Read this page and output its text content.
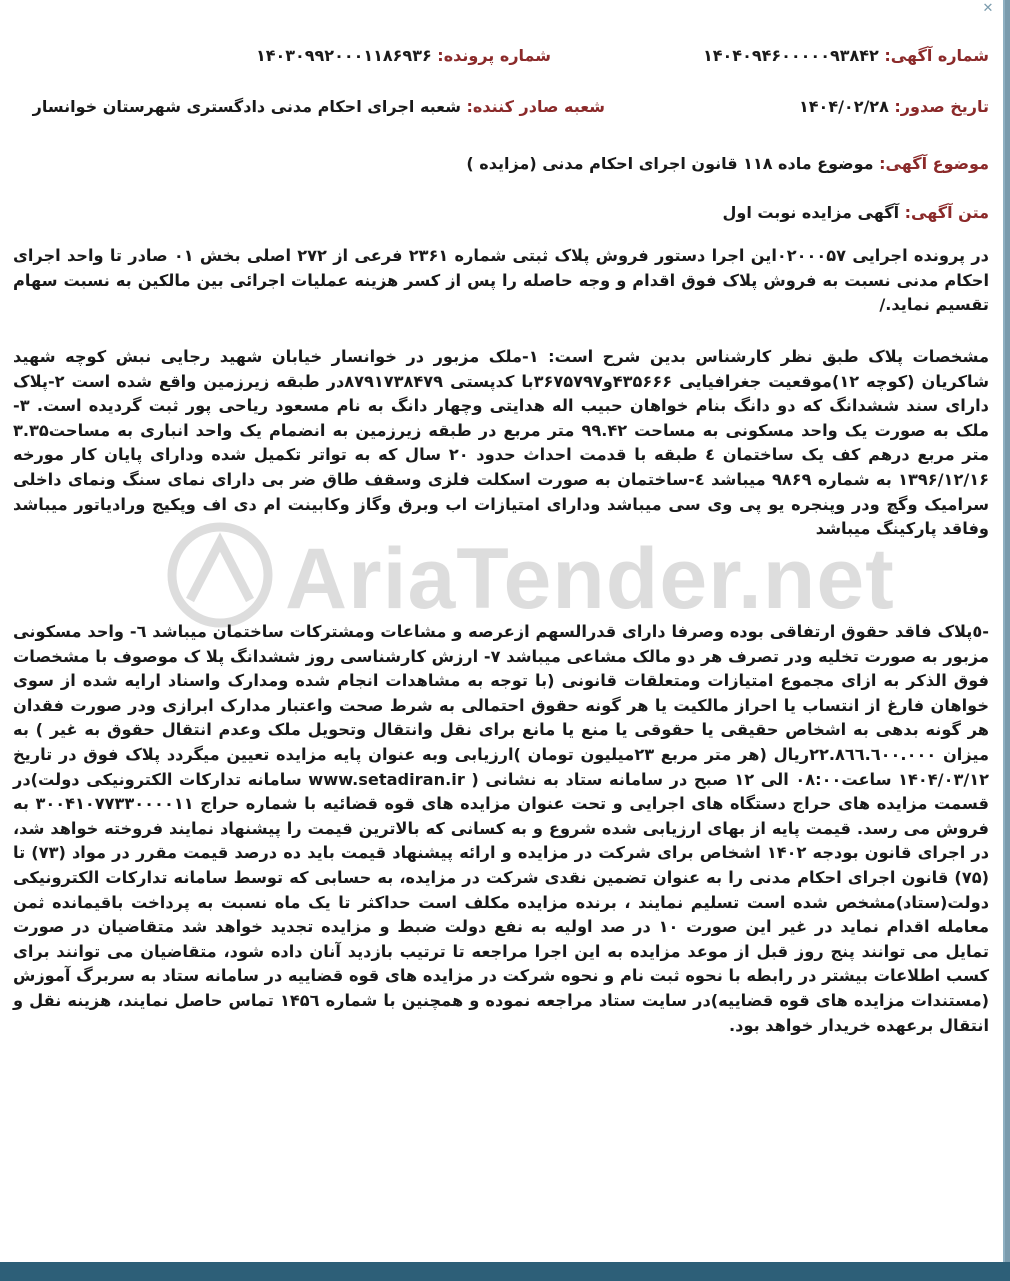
AriaTender.net
شماره آگهی: ۱۴۰۴۰۹۴۶۰۰۰۰۰۹۳۸۴۲
شماره پرونده: ۱۴۰۳۰۹۹۲۰۰۰۱۱۸۶۹۳۶
تاریخ صدور: ۱۴۰۴/۰۲/۲۸
شعبه صادر کننده: شعبه اجرای احکام مدنی دادگستری شهرستان خوانسار
موضوع آگهی: موضوع ماده ۱۱۸ قانون اجرای احکام مدنی (مزایده )
متن آگهی: آگهی مزایده نوبت اول

در پرونده اجرایی ۰۲۰۰۰۵۷این اجرا دستور فروش پلاک ثبتی شماره ۲۳۶۱ فرعی از ۲۷۲ اصلی بخش ۰۱ صادر تا واحد اجرای احکام مدنی نسبت به فروش پلاک فوق اقدام و وجه حاصله را پس از کسر هزینه عملیات اجرائی بین مالکین به نسبت سهام تقسیم نماید./

مشخصات پلاک طبق نظر کارشناس بدین شرح است: ۱-ملک مزبور در خوانسار خیابان شهید رجایی نبش کوچه شهید شاکریان (کوچه ۱۲)موقعیت جغرافیایی ۴۳۵۶۶۶و۳۶۷۵۷۹۷با کدپستی ۸۷۹۱۷۳۸۴۷۹در طبقه زیرزمین واقع شده است ۲-پلاک دارای سند ششدانگ که دو دانگ بنام خواهان حبیب اله هدایتی وچهار دانگ به نام مسعود ریاحی پور ثبت گردیده است. ۳-ملک به صورت یک واحد مسکونی به مساحت ۹۹.۴۲ متر مربع در طبقه زیرزمین به انضمام یک واحد انباری به مساحت۳.۳۵ متر مربع درهم کف یک ساختمان ٤ طبقه با قدمت احداث حدود ۲۰ سال که به تواتر تکمیل شده ودارای پایان کار مورخه ۱۳۹۶/۱۲/۱۶ به شماره ۹۸۶۹ میباشد ٤-ساختمان به صورت اسکلت فلزی وسقف طاق ضر بی دارای نمای سنگ ونمای داخلی سرامیک وگچ ودر وپنجره یو پی وی سی میباشد ودارای امتیازات اب وبرق وگاز وکابینت ام دی اف وپکیج ورادیاتور میباشد وفاقد پارکینگ میباشد

-٥پلاک فاقد حقوق ارتفاقی بوده وصرفا دارای قدرالسهم ازعرصه و مشاعات ومشترکات ساختمان میباشد ٦- واحد مسکونی مزبور به صورت تخلیه ودر تصرف هر دو مالک مشاعی میباشد ۷- ارزش کارشناسی روز ششدانگ پلا ک موصوف با مشخصات فوق الذکر به ازای مجموع امتیازات ومتعلقات قانونی (با توجه به مشاهدات انجام شده ومدارک واسناد ارایه شده از سوی خواهان فارغ از انتساب یا احراز مالکیت یا هر گونه حقوق احتمالی به شرط صحت واعتبار مدارک ابرازی ودر صورت فقدان هر گونه بدهی به اشخاص حقیقی یا حقوقی یا منع یا مانع برای نقل وانتقال وتحویل ملک وعدم انتقال حقوق به غیر ) به میزان ۲۲.۸٦٦.٦۰۰.۰۰۰ریال (هر متر مربع ۲۳میلیون تومان )ارزیابی وبه عنوان پایه مزایده تعیین میگردد پلاک فوق در تاریخ ۱۴۰۴/۰۳/۱۲ ساعت۰۸:۰۰ الی ۱۲ صبح در سامانه ستاد به نشانی ( www.setadiran.ir سامانه تدارکات الکترونیکی دولت)در قسمت مزایده های حراج دستگاه های اجرایی و تحت عنوان مزایده های قوه قضائیه با شماره حراج ۳۰۰۴۱۰۷۷۳۳۰۰۰۰۱۱ به فروش می رسد. قیمت پایه از بهای ارزیابی شده شروع و به کسانی که بالاترین قیمت را پیشنهاد نمایند فروخته خواهد شد، در اجرای قانون بودجه ۱۴۰۲ اشخاص برای شرکت در مزایده و ارائه پیشنهاد قیمت باید ده درصد قیمت مقرر در مواد (۷۳) تا (۷۵) قانون اجرای احکام مدنی را به عنوان تضمین نقدی شرکت در مزایده، به حسابی که توسط سامانه تدارکات الکترونیکی دولت(ستاد)مشخص شده است تسلیم نمایند ، برنده مزایده مکلف است حداکثر تا یک ماه نسبت به پرداخت باقیمانده ثمن معامله اقدام نماید در غیر این صورت ۱۰ در صد اولیه به نفع دولت ضبط و مزایده تجدید خواهد شد متقاضیان در صورت تمایل می توانند پنج روز قبل از موعد مزایده به این اجرا مراجعه تا ترتیب بازدید آنان داده شود، متقاضیان می توانند برای کسب اطلاعات بیشتر در رابطه با نحوه ثبت نام و نحوه شرکت در مزایده های قوه قضاییه در سامانه ستاد به سربرگ آموزش (مستندات مزایده های قوه قضاییه)در سایت ستاد مراجعه نموده و همچنین با شماره ۱۴۵٦ تماس حاصل نمایند، هزینه نقل و انتقال برعهده خریدار خواهد بود.

✕
